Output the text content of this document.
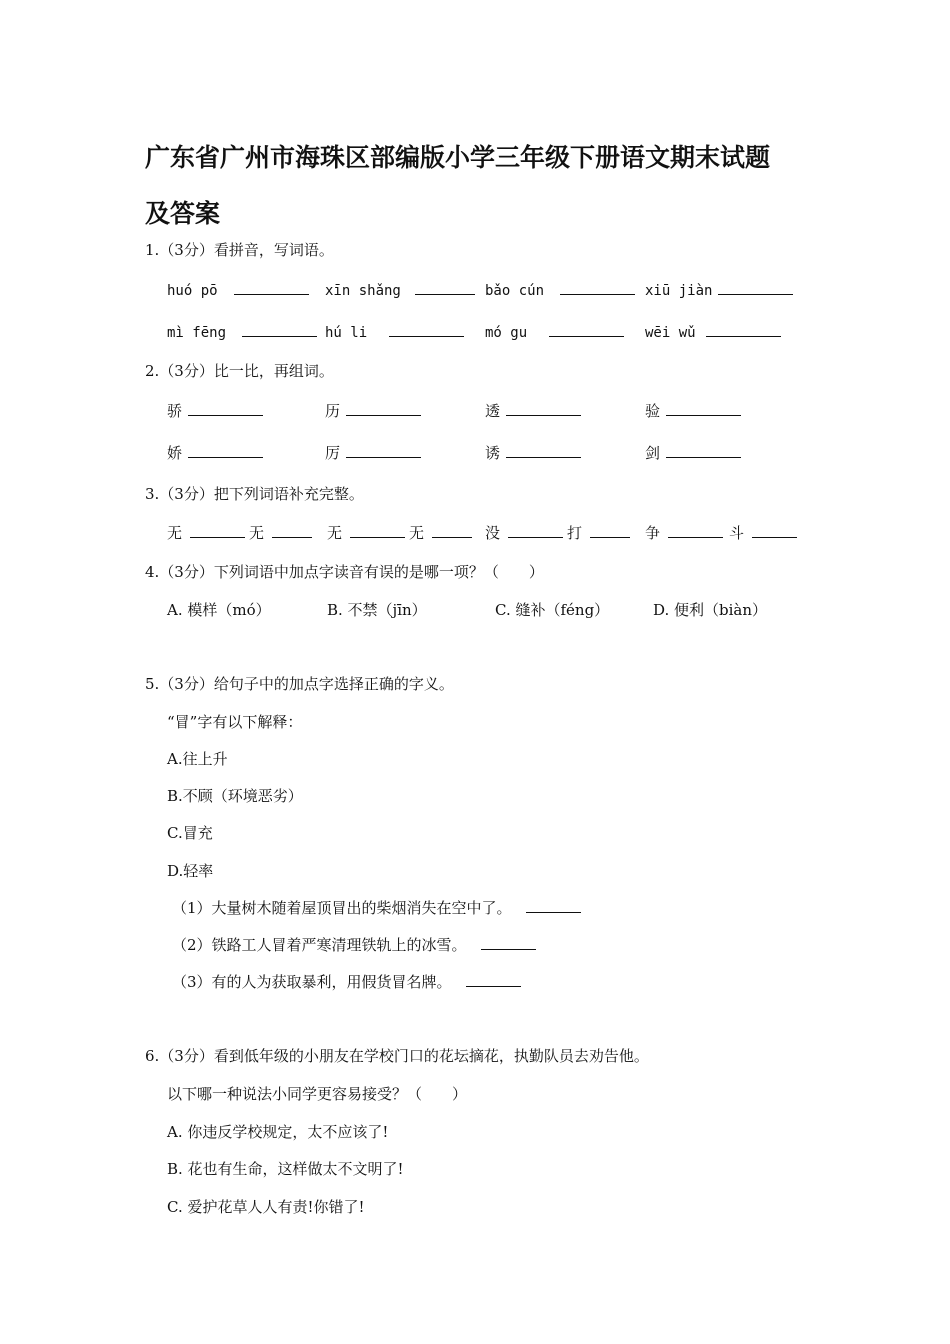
广东省广州市海珠区部编版小学三年级下册语文期末试题
及答案
1.（3分）看拼音，写词语。
huó pō	xīn shǎng	bǎo cún	xiū jiàn
mì fēng	hú li	mó gu	wēi wǔ
2.（3分）比一比，再组词。
骄	历	透	验
娇	厉	诱	剑
3.（3分）把下列词语补充完整。
无	无	无	无	没	打	争	斗
4.（3分）下列词语中加点字读音有误的是哪一项？（　　）
A. 模样（mó）	B. 不禁（jīn）	C. 缝补（féng）	D. 便利（biàn）
5.（3分）给句子中的加点字选择正确的字义。
“冒”字有以下解释：
A.往上升
B.不顾（环境恶劣）
C.冒充
D.轻率
（1）大量树木随着屋顶冒出的柴烟消失在空中了。
（2）铁路工人冒着严寒清理铁轨上的冰雪。
（3）有的人为获取暴利，用假货冒名牌。
6.（3分）看到低年级的小朋友在学校门口的花坛摘花，执勤队员去劝告他。
以下哪一种说法小同学更容易接受？（　　）
A. 你违反学校规定，太不应该了!
B. 花也有生命，这样做太不文明了!
C. 爱护花草人人有责!你错了!
